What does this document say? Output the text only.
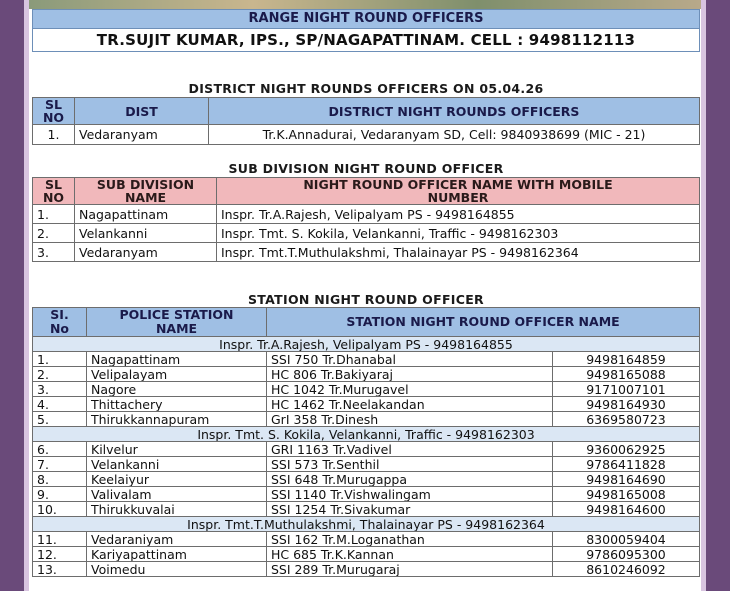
RANGE NIGHT ROUND OFFICERS
TR.SUJIT KUMAR, IPS., SP/NAGAPATTINAM. CELL : 9498112113
DISTRICT NIGHT ROUNDS OFFICERS ON 05.04.26
SL
NO	DIST	DISTRICT NIGHT ROUNDS OFFICERS
1.	Vedaranyam	Tr.K.Annadurai, Vedaranyam SD, Cell: 9840938699 (MIC - 21)
SUB DIVISION NIGHT ROUND OFFICER
SL
NO	SUB DIVISION
NAME	NIGHT ROUND OFFICER NAME WITH MOBILE
NUMBER
1.	Nagapattinam	Inspr. Tr.A.Rajesh, Velipalyam PS - 9498164855
2.	Velankanni	Inspr. Tmt. S. Kokila, Velankanni, Traffic - 9498162303
3.	Vedaranyam	Inspr. Tmt.T.Muthulakshmi, Thalainayar PS - 9498162364
STATION NIGHT ROUND OFFICER
SI.
No	POLICE STATION
NAME	STATION NIGHT ROUND OFFICER NAME	
Inspr. Tr.A.Rajesh, Velipalyam PS - 9498164855			
1.	Nagapattinam	SSI 750 Tr.Dhanabal	9498164859
2.	Velipalayam	HC 806 Tr.Bakiyaraj	9498165088
3.	Nagore	HC 1042 Tr.Murugavel	9171007101
4.	Thittachery	HC 1462 Tr.Neelakandan	9498164930
5.	Thirukkannapuram	GrI 358 Tr.Dinesh	6369580723
Inspr. Tmt. S. Kokila, Velankanni, Traffic - 9498162303			
6.	Kilvelur	GRI 1163 Tr.Vadivel	9360062925
7.	Velankanni	SSI 573 Tr.Senthil	9786411828
8.	Keelaiyur	SSI 648 Tr.Murugappa	9498164690
9.	Valivalam	SSI 1140 Tr.Vishwalingam	9498165008
10.	Thirukkuvalai	SSI 1254 Tr.Sivakumar	9498164600
Inspr. Tmt.T.Muthulakshmi, Thalainayar PS - 9498162364			
11.	Vedaraniyam	SSI 162 Tr.M.Loganathan	8300059404
12.	Kariyapattinam	HC 685 Tr.K.Kannan	9786095300
13.	Voimedu	SSI 289 Tr.Murugaraj	8610246092
